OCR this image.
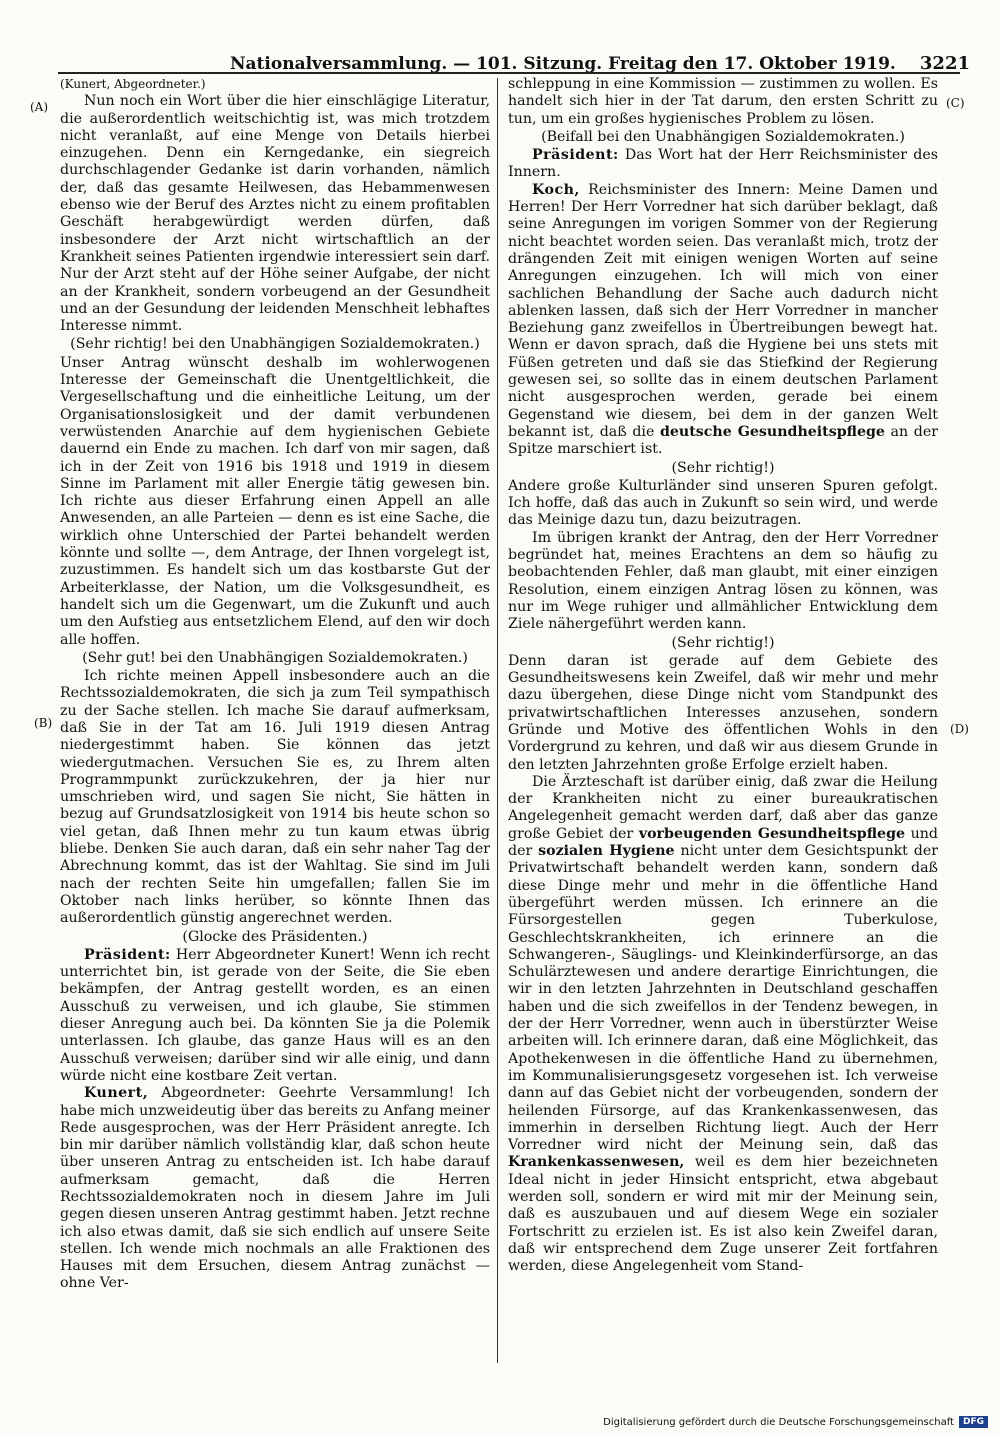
Nationalversammlung. — 101. Sitzung. Freitag den 17. Oktober 1919. 3221
(A)
(B)
(C)
(D)

(Kunert, Abgeordneter.)

Nun noch ein Wort über die hier einschlägige Literatur, die außerordentlich weitschichtig ist, was mich trotzdem nicht veranlaßt, auf eine Menge von Details hierbei einzugehen. Denn ein Kerngedanke, ein siegreich durchschlagender Gedanke ist darin vorhanden, nämlich der, daß das gesamte Heilwesen, das Hebammenwesen ebenso wie der Beruf des Arztes nicht zu einem profitablen Geschäft herabgewürdigt werden dürfen, daß insbesondere der Arzt nicht wirtschaftlich an der Krankheit seines Patienten irgendwie interessiert sein darf. Nur der Arzt steht auf der Höhe seiner Aufgabe, der nicht an der Krankheit, sondern vorbeugend an der Gesundheit und an der Gesundung der leidenden Menschheit lebhaftes Interesse nimmt.

(Sehr richtig! bei den Unabhängigen Sozialdemokraten.)

Unser Antrag wünscht deshalb im wohlerwogenen Interesse der Gemeinschaft die Unentgeltlichkeit, die Vergesellschaftung und die einheitliche Leitung, um der Organisationslosigkeit und der damit verbundenen verwüstenden Anarchie auf dem hygienischen Gebiete dauernd ein Ende zu machen. Ich darf von mir sagen, daß ich in der Zeit von 1916 bis 1918 und 1919 in diesem Sinne im Parlament mit aller Energie tätig gewesen bin. Ich richte aus dieser Erfahrung einen Appell an alle Anwesenden, an alle Parteien — denn es ist eine Sache, die wirklich ohne Unterschied der Partei behandelt werden könnte und sollte —, dem Antrage, der Ihnen vorgelegt ist, zuzustimmen. Es handelt sich um das kostbarste Gut der Arbeiterklasse, der Nation, um die Volksgesundheit, es handelt sich um die Gegenwart, um die Zukunft und auch um den Aufstieg aus entsetzlichem Elend, auf den wir doch alle hoffen.

(Sehr gut! bei den Unabhängigen Sozialdemokraten.)

Ich richte meinen Appell insbesondere auch an die Rechtssozialdemokraten, die sich ja zum Teil sympathisch zu der Sache stellen. Ich mache Sie darauf aufmerksam, daß Sie in der Tat am 16. Juli 1919 diesen Antrag niedergestimmt haben. Sie können das jetzt wiedergutmachen. Versuchen Sie es, zu Ihrem alten Programmpunkt zurückzukehren, der ja hier nur umschrieben wird, und sagen Sie nicht, Sie hätten in bezug auf Grundsatzlosigkeit von 1914 bis heute schon so viel getan, daß Ihnen mehr zu tun kaum etwas übrig bliebe. Denken Sie auch daran, daß ein sehr naher Tag der Abrechnung kommt, das ist der Wahltag. Sie sind im Juli nach der rechten Seite hin umgefallen; fallen Sie im Oktober nach links herüber, so könnte Ihnen das außerordentlich günstig angerechnet werden.

(Glocke des Präsidenten.)

Präsident: Herr Abgeordneter Kunert! Wenn ich recht unterrichtet bin, ist gerade von der Seite, die Sie eben bekämpfen, der Antrag gestellt worden, es an einen Ausschuß zu verweisen, und ich glaube, Sie stimmen dieser Anregung auch bei. Da könnten Sie ja die Polemik unterlassen. Ich glaube, das ganze Haus will es an den Ausschuß verweisen; darüber sind wir alle einig, und dann würde nicht eine kostbare Zeit vertan.

Kunert, Abgeordneter: Geehrte Versammlung! Ich habe mich unzweideutig über das bereits zu Anfang meiner Rede ausgesprochen, was der Herr Präsident anregte. Ich bin mir darüber nämlich vollständig klar, daß schon heute über unseren Antrag zu entscheiden ist. Ich habe darauf aufmerksam gemacht, daß die Herren Rechtssozialdemokraten noch in diesem Jahre im Juli gegen diesen unseren Antrag gestimmt haben. Jetzt rechne ich also etwas damit, daß sie sich endlich auf unsere Seite stellen. Ich wende mich nochmals an alle Fraktionen des Hauses mit dem Ersuchen, diesem Antrag zunächst — ohne Ver-

schleppung in eine Kommission — zustimmen zu wollen. Es handelt sich hier in der Tat darum, den ersten Schritt zu tun, um ein großes hygienisches Problem zu lösen.

(Beifall bei den Unabhängigen Sozialdemokraten.)

Präsident: Das Wort hat der Herr Reichsminister des Innern.

Koch, Reichsminister des Innern: Meine Damen und Herren! Der Herr Vorredner hat sich darüber beklagt, daß seine Anregungen im vorigen Sommer von der Regierung nicht beachtet worden seien. Das veranlaßt mich, trotz der drängenden Zeit mit einigen wenigen Worten auf seine Anregungen einzugehen. Ich will mich von einer sachlichen Behandlung der Sache auch dadurch nicht ablenken lassen, daß sich der Herr Vorredner in mancher Beziehung ganz zweifellos in Übertreibungen bewegt hat. Wenn er davon sprach, daß die Hygiene bei uns stets mit Füßen getreten und daß sie das Stiefkind der Regierung gewesen sei, so sollte das in einem deutschen Parlament nicht ausgesprochen werden, gerade bei einem Gegenstand wie diesem, bei dem in der ganzen Welt bekannt ist, daß die deutsche Gesundheitspflege an der Spitze marschiert ist.

(Sehr richtig!)

Andere große Kulturländer sind unseren Spuren gefolgt. Ich hoffe, daß das auch in Zukunft so sein wird, und werde das Meinige dazu tun, dazu beizutragen.

Im übrigen krankt der Antrag, den der Herr Vorredner begründet hat, meines Erachtens an dem so häufig zu beobachtenden Fehler, daß man glaubt, mit einer einzigen Resolution, einem einzigen Antrag lösen zu können, was nur im Wege ruhiger und allmählicher Entwicklung dem Ziele nähergeführt werden kann.

(Sehr richtig!)

Denn daran ist gerade auf dem Gebiete des Gesundheitswesens kein Zweifel, daß wir mehr und mehr dazu übergehen, diese Dinge nicht vom Standpunkt des privatwirtschaftlichen Interesses anzusehen, sondern Gründe und Motive des öffentlichen Wohls in den Vordergrund zu kehren, und daß wir aus diesem Grunde in den letzten Jahrzehnten große Erfolge erzielt haben.

Die Ärzteschaft ist darüber einig, daß zwar die Heilung der Krankheiten nicht zu einer bureaukratischen Angelegenheit gemacht werden darf, daß aber das ganze große Gebiet der vorbeugenden Gesundheitspflege und der sozialen Hygiene nicht unter dem Gesichtspunkt der Privatwirtschaft behandelt werden kann, sondern daß diese Dinge mehr und mehr in die öffentliche Hand übergeführt werden müssen. Ich erinnere an die Fürsorgestellen gegen Tuberkulose, Geschlechtskrankheiten, ich erinnere an die Schwangeren-, Säuglings- und Kleinkinderfürsorge, an das Schulärztewesen und andere derartige Einrichtungen, die wir in den letzten Jahrzehnten in Deutschland geschaffen haben und die sich zweifellos in der Tendenz bewegen, in der der Herr Vorredner, wenn auch in überstürzter Weise arbeiten will. Ich erinnere daran, daß eine Möglichkeit, das Apothekenwesen in die öffentliche Hand zu übernehmen, im Kommunalisierungsgesetz vorgesehen ist. Ich verweise dann auf das Gebiet nicht der vorbeugenden, sondern der heilenden Fürsorge, auf das Krankenkassenwesen, das immerhin in derselben Richtung liegt. Auch der Herr Vorredner wird nicht der Meinung sein, daß das Krankenkassenwesen, weil es dem hier bezeichneten Ideal nicht in jeder Hinsicht entspricht, etwa abgebaut werden soll, sondern er wird mit mir der Meinung sein, daß es auszubauen und auf diesem Wege ein sozialer Fortschritt zu erzielen ist. Es ist also kein Zweifel daran, daß wir entsprechend dem Zuge unserer Zeit fortfahren werden, diese Angelegenheit vom Stand-

Digitalisierung gefördert durch die Deutsche Forschungsgemeinschaft	DFG
